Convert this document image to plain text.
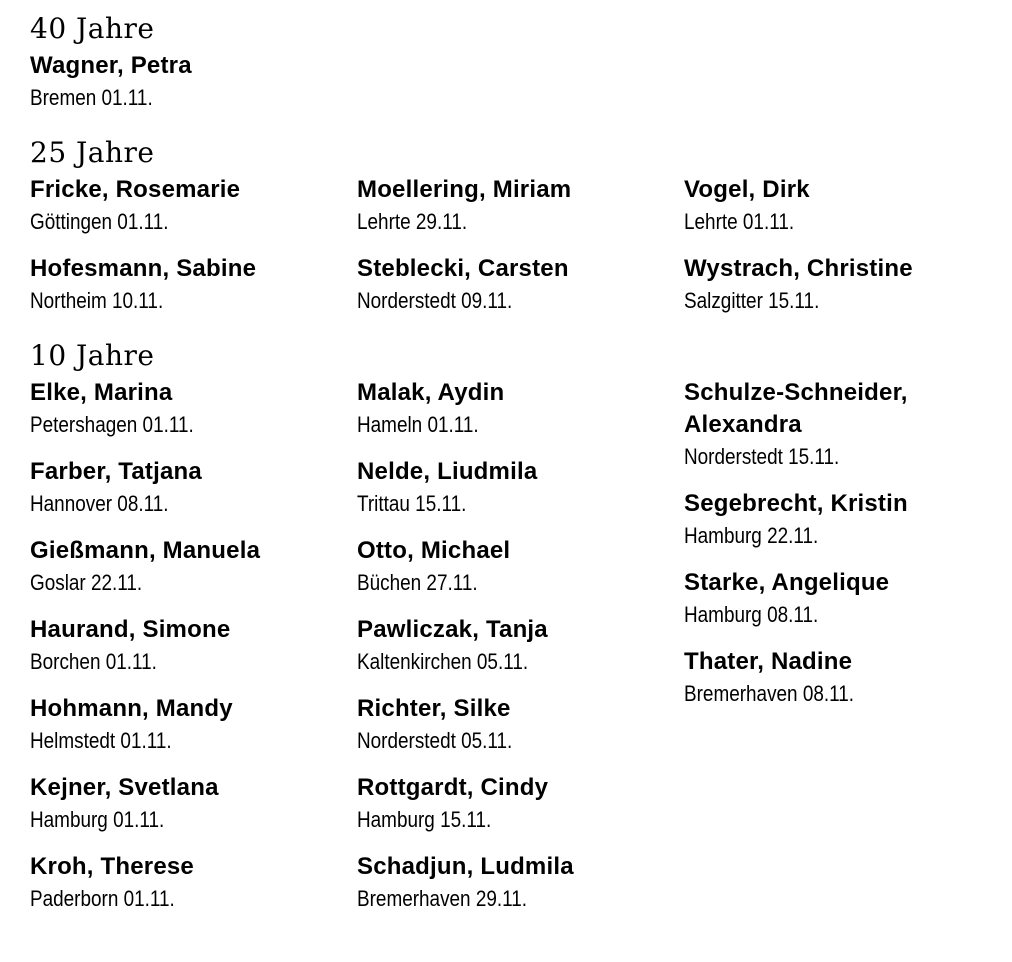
40 Jahre
Wagner, Petra
Bremen 01.11.
25 Jahre
Fricke, Rosemarie
Göttingen 01.11.
Hofesmann, Sabine
Northeim 10.11.
Moellering, Miriam
Lehrte 29.11.
Steblecki, Carsten
Norderstedt 09.11.
Vogel, Dirk
Lehrte 01.11.
Wystrach, Christine
Salzgitter 15.11.
10 Jahre
Elke, Marina
Petershagen 01.11.
Farber, Tatjana
Hannover 08.11.
Gießmann, Manuela
Goslar 22.11.
Haurand, Simone
Borchen 01.11.
Hohmann, Mandy
Helmstedt 01.11.
Kejner, Svetlana
Hamburg 01.11.
Kroh, Therese
Paderborn 01.11.
Malak, Aydin
Hameln 01.11.
Nelde, Liudmila
Trittau 15.11.
Otto, Michael
Büchen 27.11.
Pawliczak, Tanja
Kaltenkirchen 05.11.
Richter, Silke
Norderstedt 05.11.
Rottgardt, Cindy
Hamburg 15.11.
Schadjun, Ludmila
Bremerhaven 29.11.
Schulze-Schneider, Alexandra
Norderstedt 15.11.
Segebrecht, Kristin
Hamburg 22.11.
Starke, Angelique
Hamburg 08.11.
Thater, Nadine
Bremerhaven 08.11.
